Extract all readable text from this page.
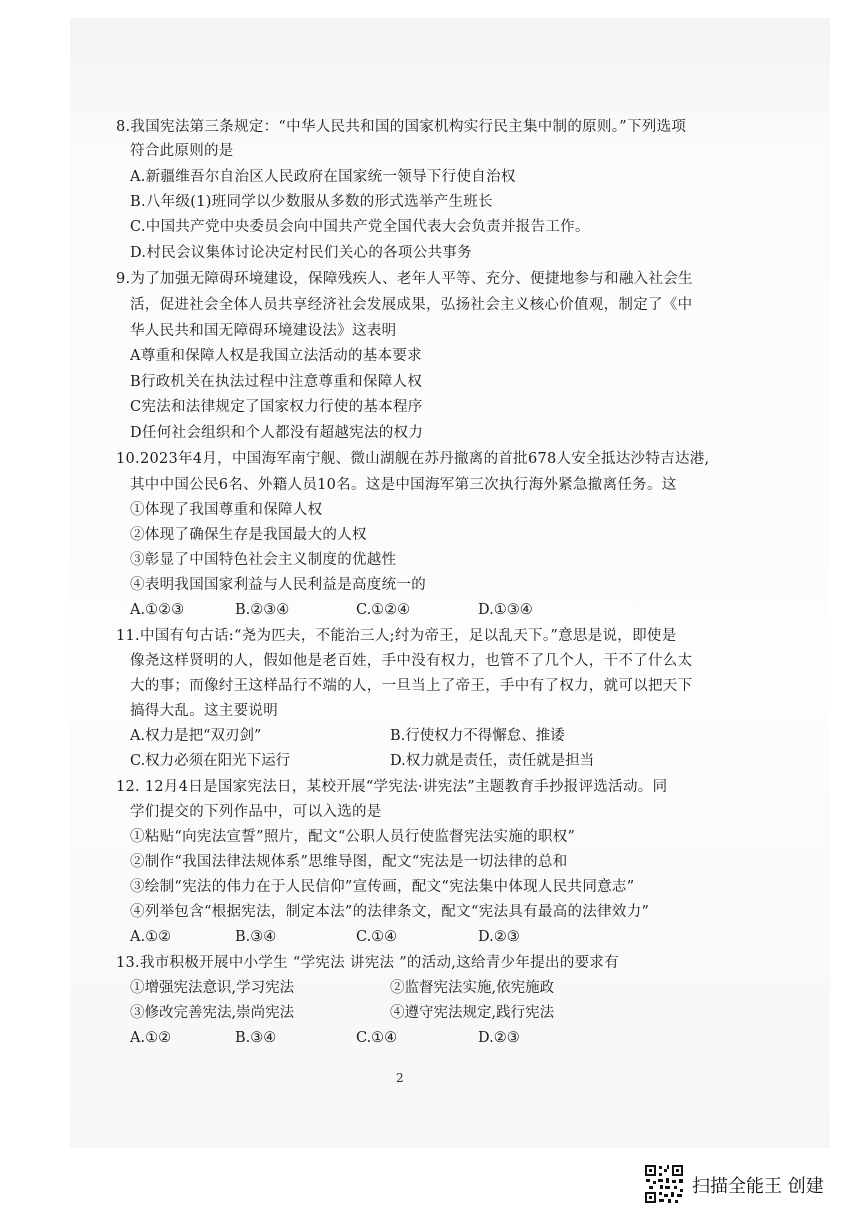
8.我国宪法第三条规定：“中华人民共和国的国家机构实行民主集中制的原则。”下列选项
符合此原则的是
A.新疆维吾尔自治区人民政府在国家统一领导下行使自治权
B.八年级(1)班同学以少数服从多数的形式选举产生班长
C.中国共产党中央委员会向中国共产党全国代表大会负责并报告工作。
D.村民会议集体讨论决定村民们关心的各项公共事务
9.为了加强无障碍环境建设，保障残疾人、老年人平等、充分、便捷地参与和融入社会生
活，促进社会全体人员共享经济社会发展成果，弘扬社会主义核心价值观，制定了《中
华人民共和国无障碍环境建设法》这表明
A尊重和保障人权是我国立法活动的基本要求
B行政机关在执法过程中注意尊重和保障人权
C宪法和法律规定了国家权力行使的基本程序
D任何社会组织和个人都没有超越宪法的权力
10.2023年4月，中国海军南宁舰、微山湖舰在苏丹撤离的首批678人安全抵达沙特吉达港,
其中中国公民6名、外籍人员10名。这是中国海军第三次执行海外紧急撤离任务。这
①体现了我国尊重和保障人权
②体现了确保生存是我国最大的人权
③彰显了中国特色社会主义制度的优越性
④表明我国国家利益与人民利益是高度统一的
A.①②③	B.②③④	C.①②④	D.①③④
11.中国有句古话:“尧为匹夫，不能治三人;纣为帝王，足以乱天下。”意思是说，即使是
像尧这样贤明的人，假如他是老百姓，手中没有权力，也管不了几个人，干不了什么太
大的事；而像纣王这样品行不端的人，一旦当上了帝王，手中有了权力，就可以把天下
搞得大乱。这主要说明
A.权力是把“双刃剑”	B.行使权力不得懈怠、推诿
C.权力必须在阳光下运行	D.权力就是责任，责任就是担当
12. 12月4日是国家宪法日，某校开展“学宪法·讲宪法”主题教育手抄报评选活动。同
学们提交的下列作品中，可以入选的是
①粘贴“向宪法宣誓”照片，配文“公职人员行使监督宪法实施的职权”
②制作“我国法律法规体系”思维导图，配文“宪法是一切法律的总和
③绘制“宪法的伟力在于人民信仰”宣传画，配文“宪法集中体现人民共同意志”
④列举包含“根据宪法，制定本法”的法律条文，配文“宪法具有最高的法律效力”
A.①②	B.③④	C.①④	D.②③
13.我市积极开展中小学生 “学宪法 讲宪法 ”的活动,这给青少年提出的要求有
①增强宪法意识,学习宪法	②监督宪法实施,依宪施政
③修改完善宪法,崇尚宪法	④遵守宪法规定,践行宪法
A.①②	B.③④	C.①④	D.②③
2
扫描全能王 创建
